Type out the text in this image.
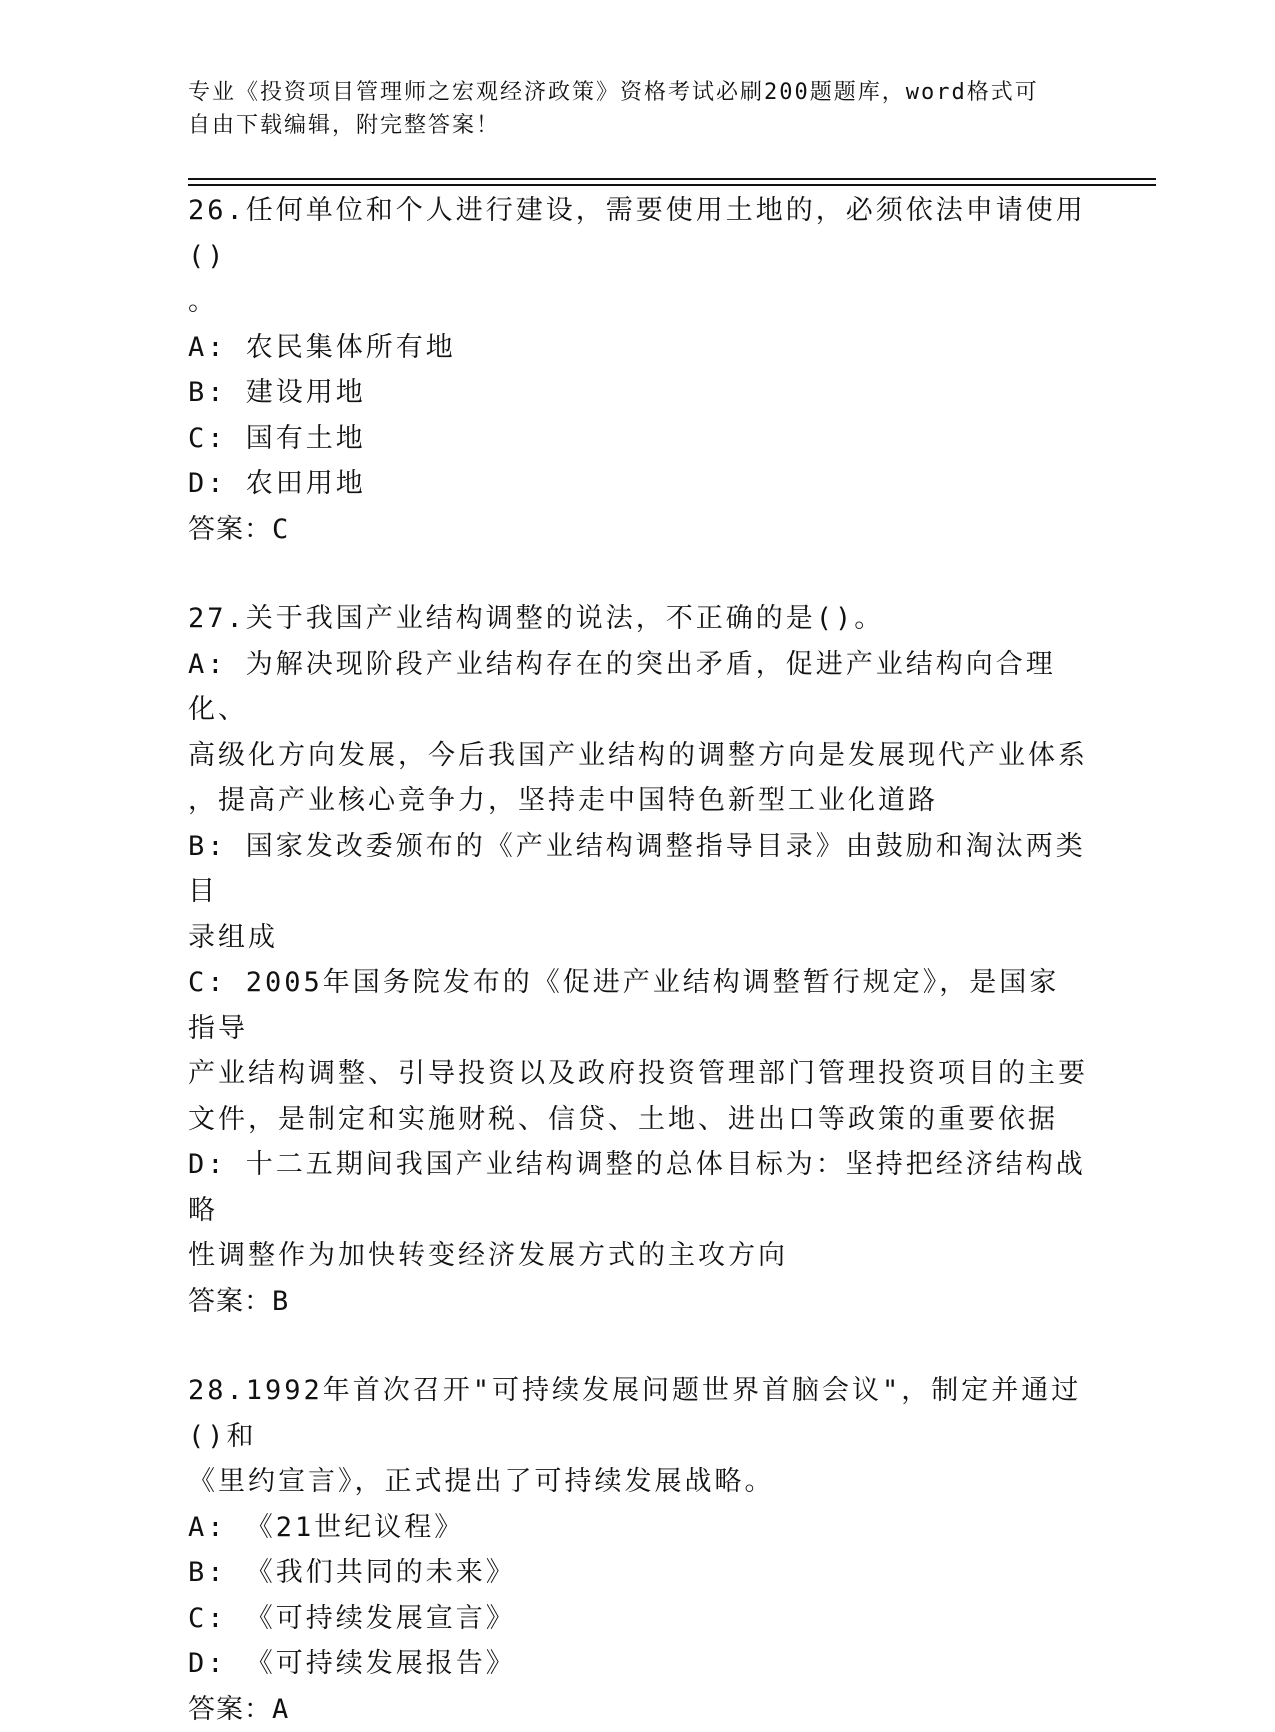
专业《投资项目管理师之宏观经济政策》资格考试必刷200题题库，word格式可
自由下载编辑，附完整答案！

26.任何单位和个人进行建设，需要使用土地的，必须依法申请使用()

。

A: 农民集体所有地

B: 建设用地

C: 国有土地

D: 农田用地

答案：C

27.关于我国产业结构调整的说法，不正确的是()。

A: 为解决现阶段产业结构存在的突出矛盾，促进产业结构向合理化、

高级化方向发展，今后我国产业结构的调整方向是发展现代产业体系

，提高产业核心竞争力，坚持走中国特色新型工业化道路

B: 国家发改委颁布的《产业结构调整指导目录》由鼓励和淘汰两类目

录组成

C: 2005年国务院发布的《促进产业结构调整暂行规定》，是国家指导

产业结构调整、引导投资以及政府投资管理部门管理投资项目的主要

文件，是制定和实施财税、信贷、土地、进出口等政策的重要依据

D: 十二五期间我国产业结构调整的总体目标为：坚持把经济结构战略

性调整作为加快转变经济发展方式的主攻方向

答案：B

28.1992年首次召开"可持续发展问题世界首脑会议"，制定并通过()和

《里约宣言》，正式提出了可持续发展战略。

A: 《21世纪议程》

B: 《我们共同的未来》

C: 《可持续发展宣言》

D: 《可持续发展报告》

答案：A
